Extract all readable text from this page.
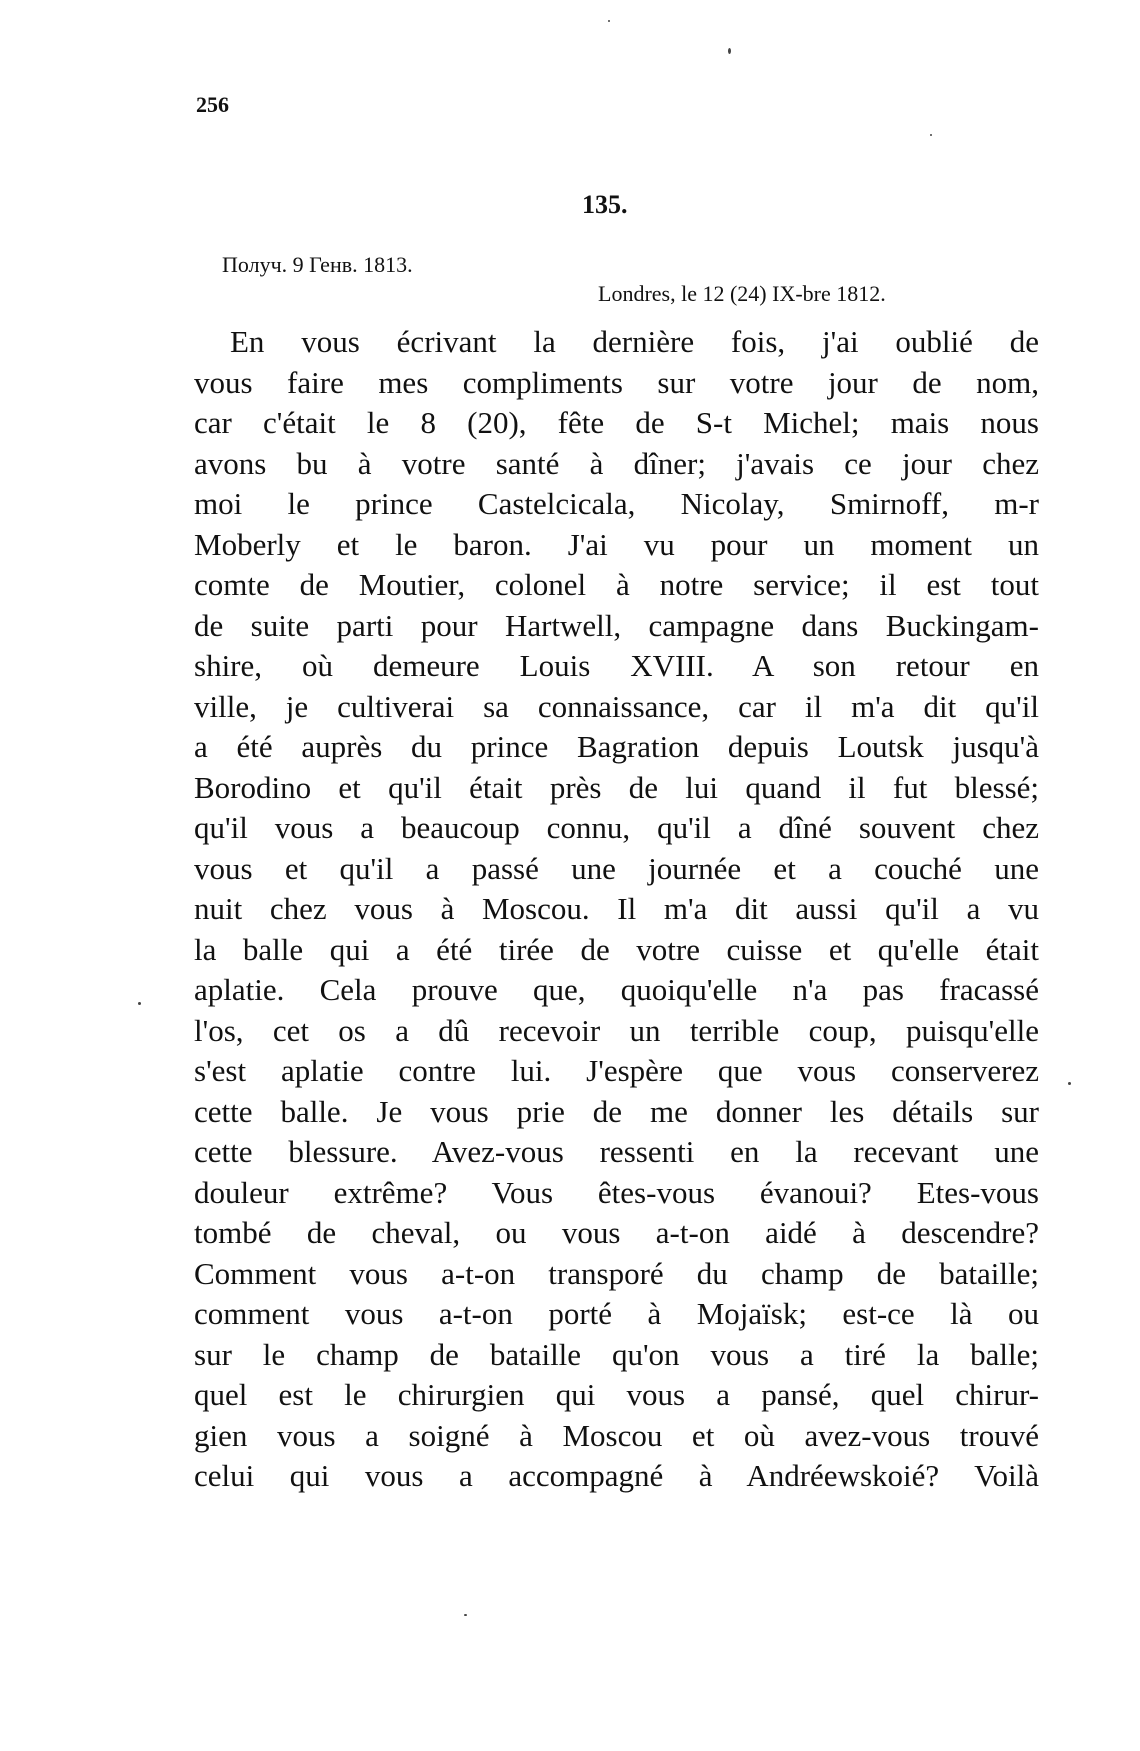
256
135.
Получ. 9 Генв. 1813.
Londres, le 12 (24) IX-bre 1812.
En vous écrivant la dernière fois, j'ai oublié de
vous faire mes compliments sur votre jour de nom,
car c'était le 8 (20), fête de S-t Michel; mais nous
avons bu à votre santé à dîner; j'avais ce jour chez
moi le prince Castelcicala, Nicolay, Smirnoff, m-r
Moberly et le baron. J'ai vu pour un moment un
comte de Moutier, colonel à notre service; il est tout
de suite parti pour Hartwell, campagne dans Buckingam-
shire, où demeure Louis XVIII. A son retour en
ville, je cultiverai sa connaissance, car il m'a dit qu'il
a été auprès du prince Bagration depuis Loutsk jusqu'à
Borodino et qu'il était près de lui quand il fut blessé;
qu'il vous a beaucoup connu, qu'il a dîné souvent chez
vous et qu'il a passé une journée et a couché une
nuit chez vous à Moscou. Il m'a dit aussi qu'il a vu
la balle qui a été tirée de votre cuisse et qu'elle était
aplatie. Cela prouve que, quoiqu'elle n'a pas fracassé
l'os, cet os a dû recevoir un terrible coup, puisqu'elle
s'est aplatie contre lui. J'espère que vous conserverez
cette balle. Je vous prie de me donner les détails sur
cette blessure. Avez-vous ressenti en la recevant une
douleur extrême? Vous êtes-vous évanoui? Etes-vous
tombé de cheval, ou vous a-t-on aidé à descendre?
Comment vous a-t-on transporé du champ de bataille;
comment vous a-t-on porté à Mojaïsk; est-ce là ou
sur le champ de bataille qu'on vous a tiré la balle;
quel est le chirurgien qui vous a pansé, quel chirur-
gien vous a soigné à Moscou et où avez-vous trouvé
celui qui vous a accompagné à Andréewskoié? Voilà
